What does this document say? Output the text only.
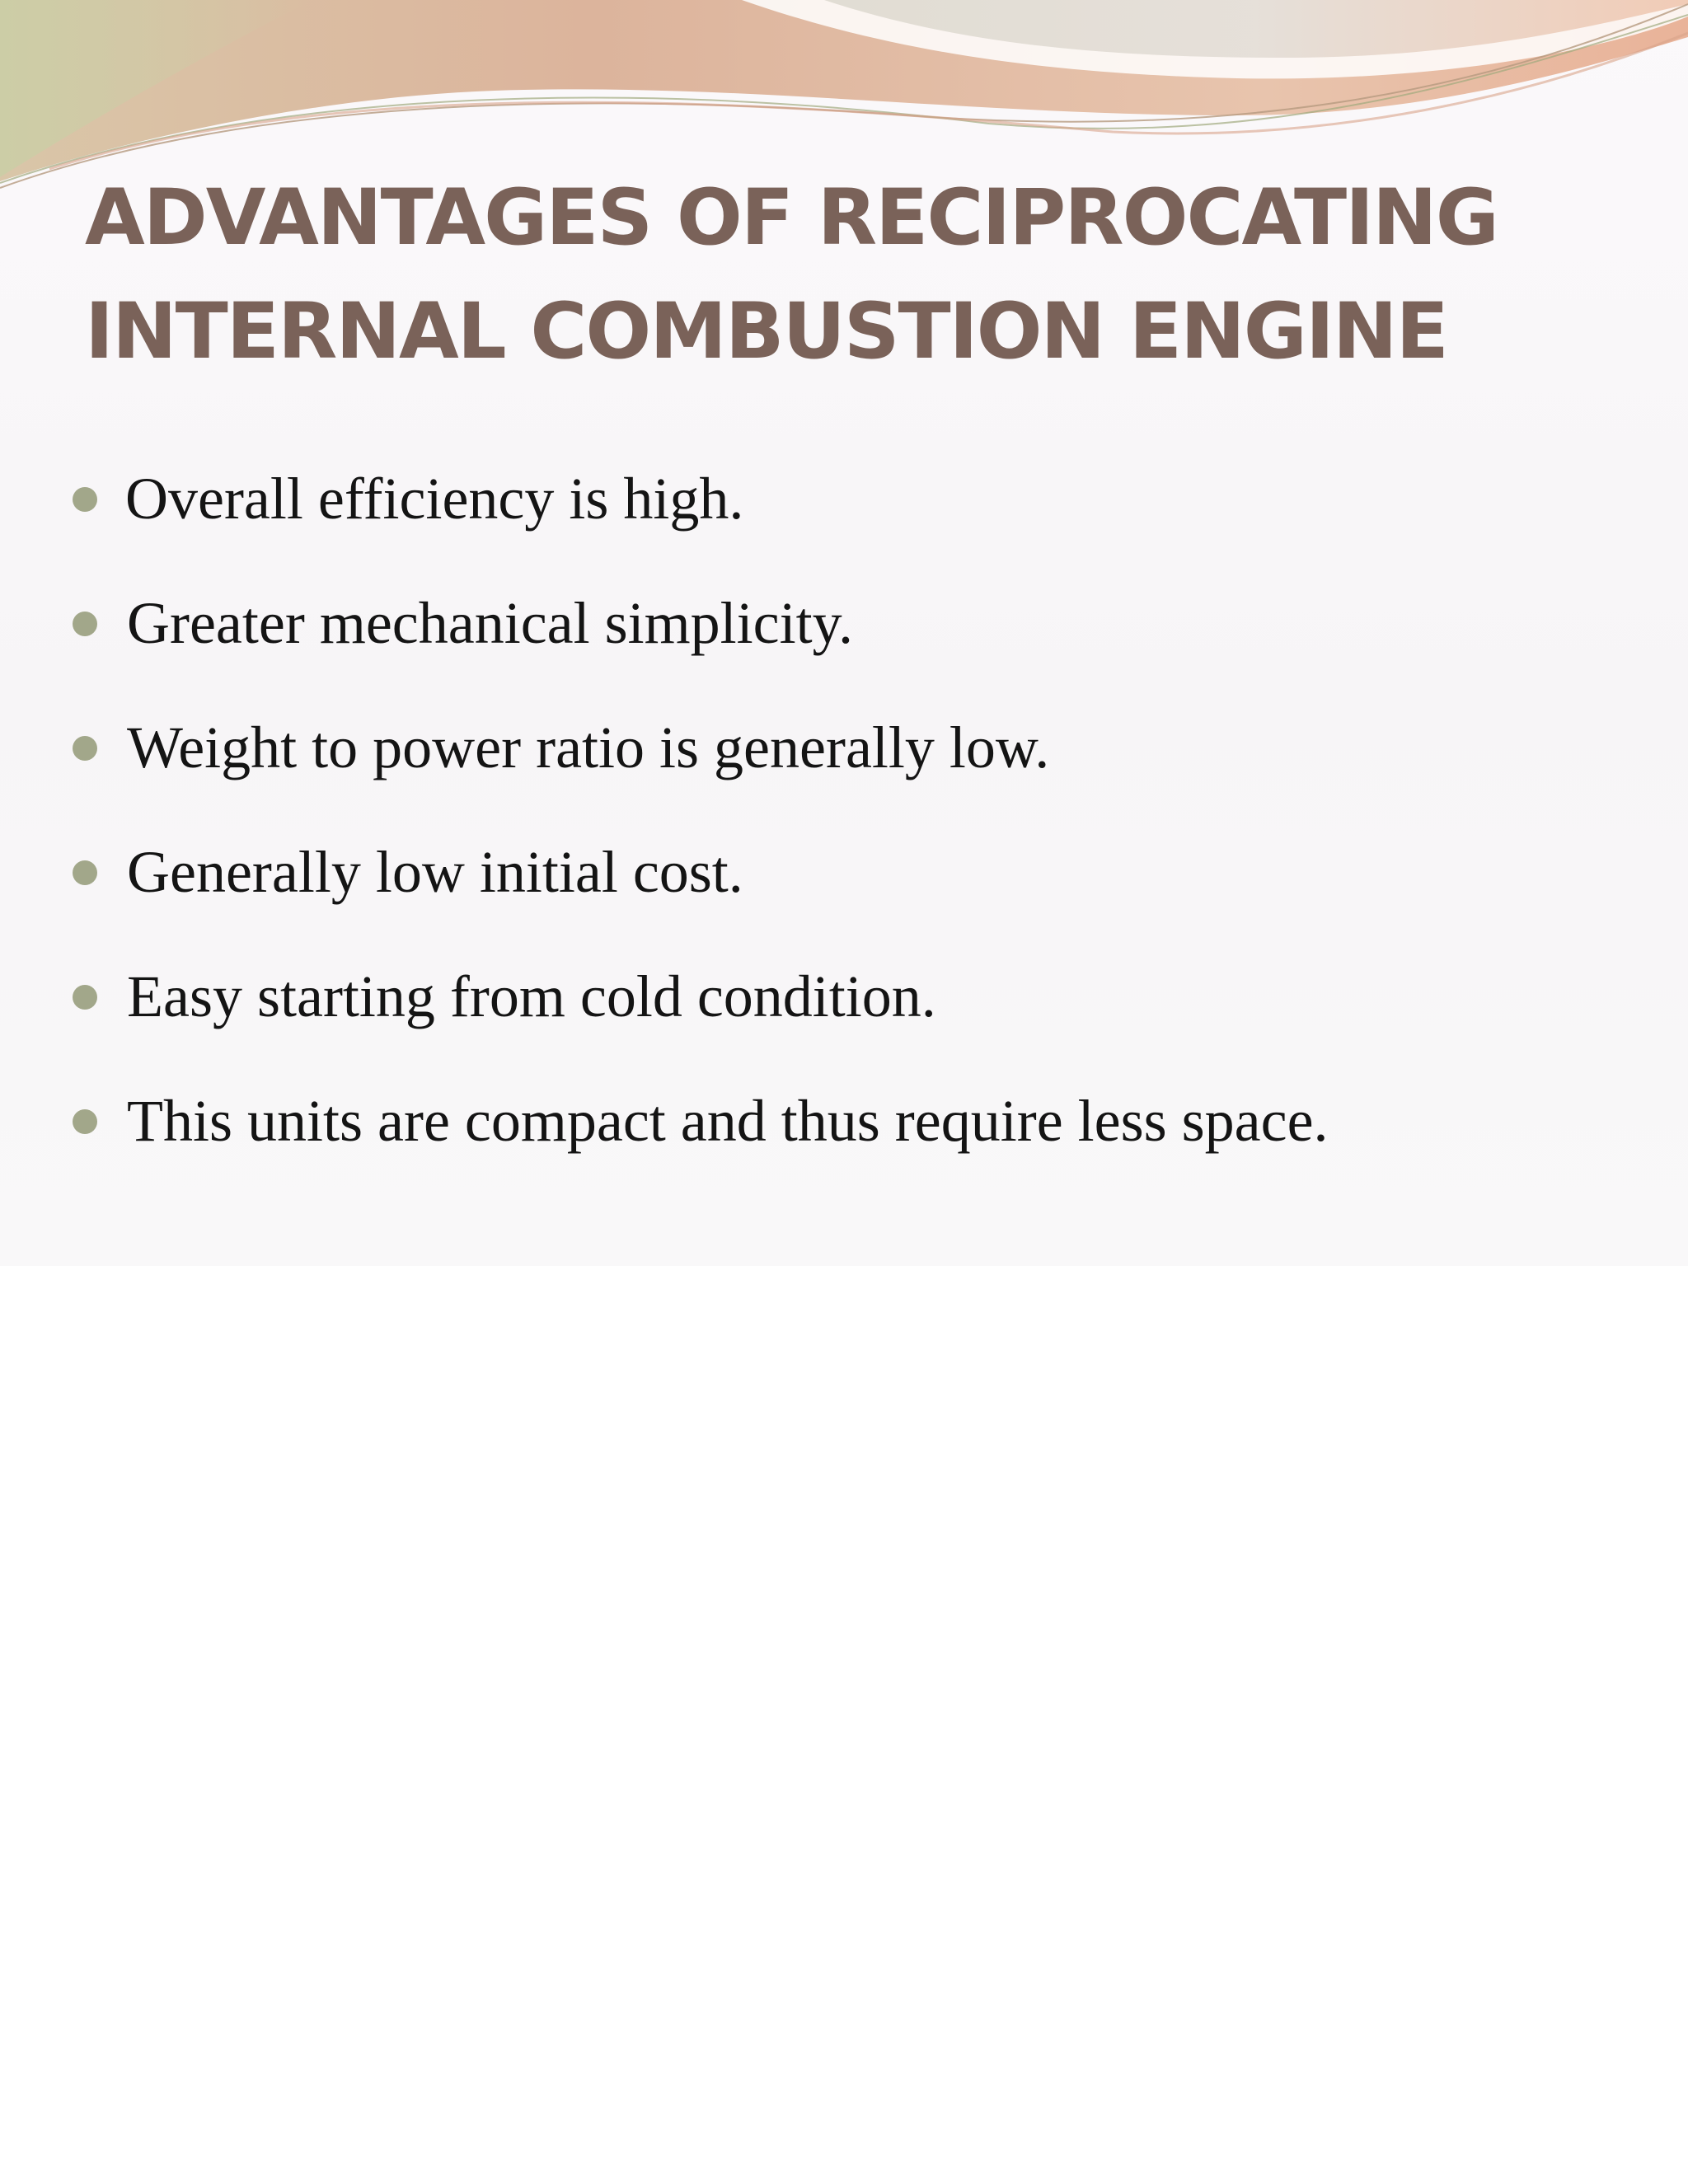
ADVANTAGES OF RECIPROCATING
INTERNAL COMBUSTION ENGINE
Overall efficiency is high.
Greater mechanical simplicity.
Weight to power ratio is generally low.
Generally low initial cost.
Easy starting from cold condition.
This units are compact and thus require less space.
